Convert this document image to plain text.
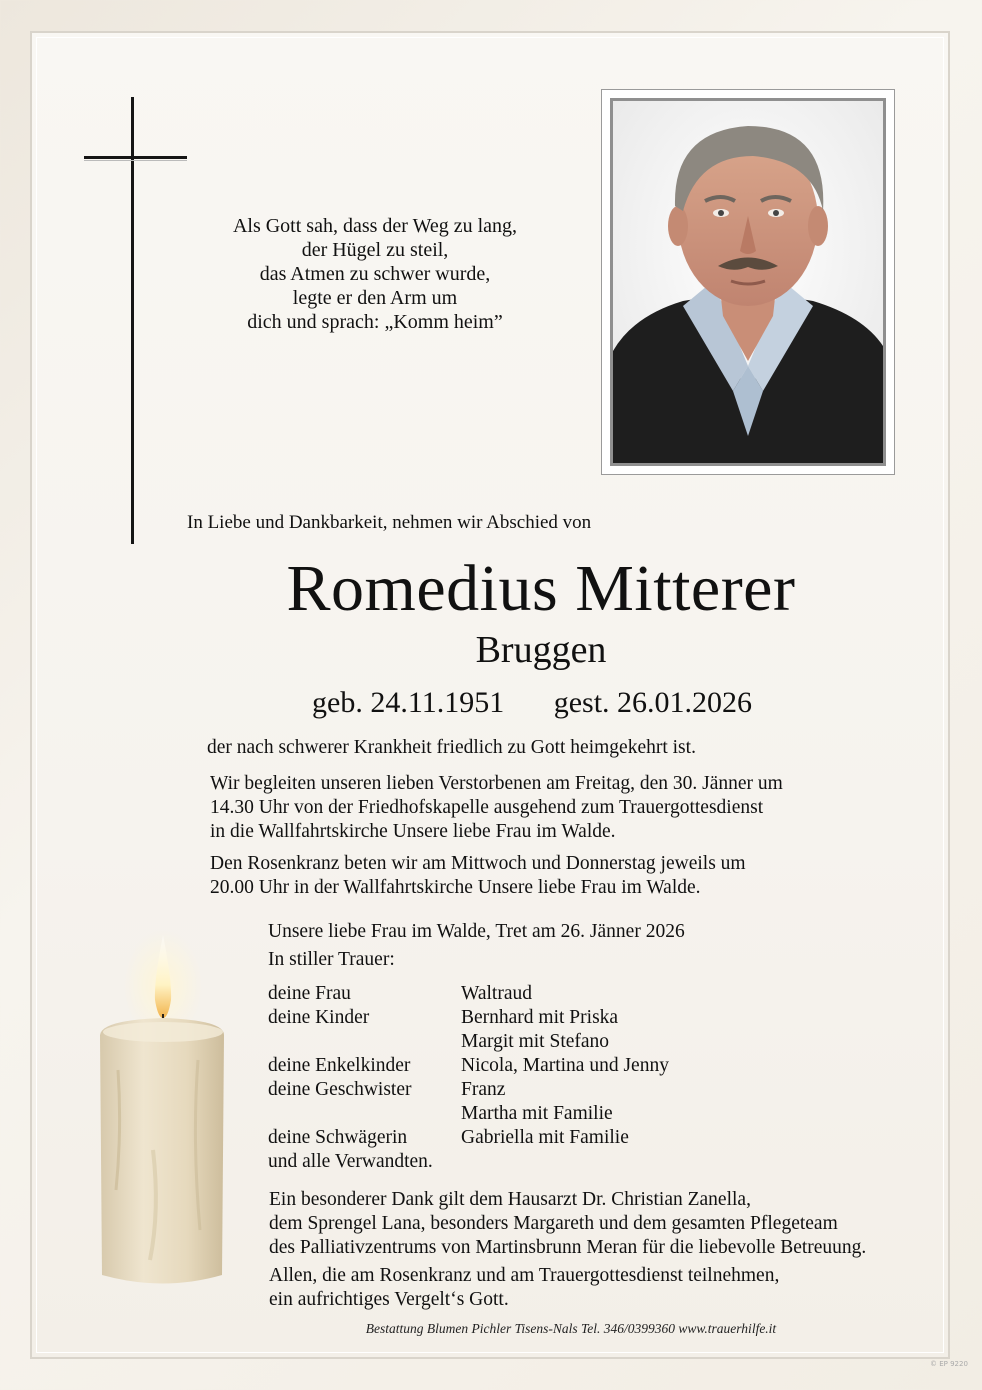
Als Gott sah, dass der Weg zu lang,
der Hügel zu steil,
das Atmen zu schwer wurde,
legte er den Arm um
dich und sprach: „Komm heim”
In Liebe und Dankbarkeit, nehmen wir Abschied von
Romedius Mitterer
Bruggen
geb. 24.11.1951 gest. 26.01.2026
der nach schwerer Krankheit friedlich zu Gott heimgekehrt ist.
Wir begleiten unseren lieben Verstorbenen am Freitag, den 30. Jänner um
14.30 Uhr von der Friedhofskapelle ausgehend zum Trauergottesdienst
in die Wallfahrtskirche Unsere liebe Frau im Walde.
Den Rosenkranz beten wir am Mittwoch und Donnerstag jeweils um
20.00 Uhr in der Wallfahrtskirche Unsere liebe Frau im Walde.
Unsere liebe Frau im Walde, Tret am 26. Jänner 2026
In stiller Trauer:
deine Frau	Waltraud
deine Kinder	Bernhard mit Priska
Margit mit Stefano
deine Enkelkinder	Nicola, Martina und Jenny
deine Geschwister	Franz
Martha mit Familie
deine Schwägerin	Gabriella mit Familie
und alle Verwandten.
Ein besonderer Dank gilt dem Hausarzt Dr. Christian Zanella,
dem Sprengel Lana, besonders Margareth und dem gesamten Pflegeteam
des Palliativzentrums von Martinsbrunn Meran für die liebevolle Betreuung.
Allen, die am Rosenkranz und am Trauergottesdienst teilnehmen,
ein aufrichtiges Vergelt‘s Gott.
Bestattung Blumen Pichler Tisens-Nals Tel. 346/0399360 www.trauerhilfe.it
© EP 9220
